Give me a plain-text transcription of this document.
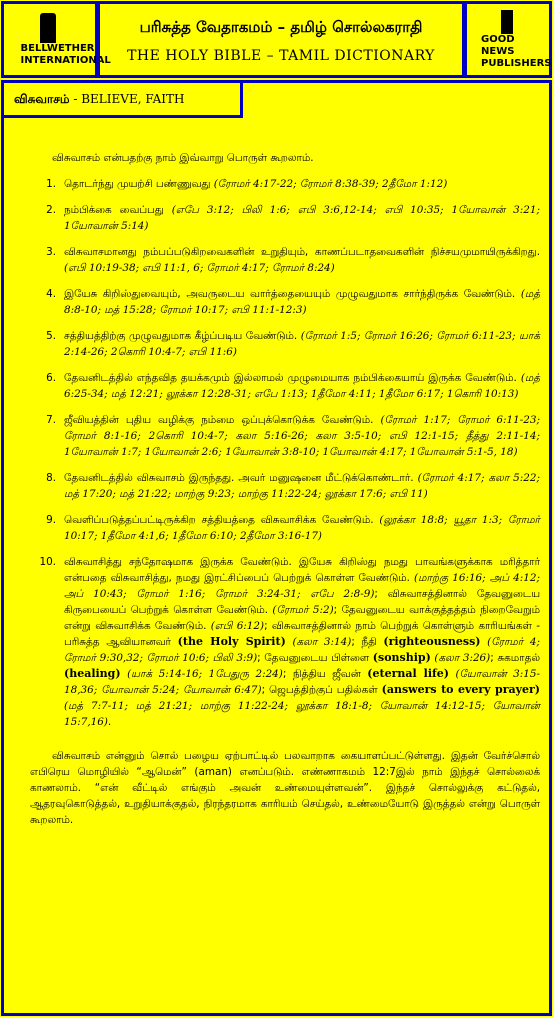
BELLWETHER INTERNATIONAL
பரிசுத்த வேதாகமம் – தமிழ் சொல்லகராதி
THE HOLY BIBLE – TAMIL DICTIONARY
GOOD NEWS PUBLISHERS
விசுவாசம் - BELIEVE, FAITH
விசுவாசம் என்பதற்கு நாம் இவ்வாறு பொருள் கூறலாம்.
1. தொடர்ந்து முயற்சி பண்ணுவது (ரோமர் 4:17-22; ரோமர் 8:38-39; 2தீமோ 1:12)
2. நம்பிக்கை வைப்பது (எபே 3:12; பிலி 1:6; எபி 3:6,12-14; எபி 10:35; 1யோவான் 3:21; 1யோவான் 5:14)
3. விசுவாசமானது நம்பப்படுகிறவைகளின் உறுதியும், காணப்படாதவைகளின் நிச்சயமுமாயிருக்கிறது. (எபி 10:19-38; எபி 11:1, 6; ரோமர் 4:17; ரோமர் 8:24)
4. இயேசு கிறிஸ்துவையும், அவருடைய வார்த்தையையும் முழுவதுமாக சார்ந்திருக்க வேண்டும். (மத் 8:8-10; மத் 15:28; ரோமர் 10:17; எபி 11:1-12:3)
5. சத்தியத்திற்கு முழுவதுமாக கீழ்ப்படிய வேண்டும். (ரோமர் 1:5; ரோமர் 16:26; ரோமர் 6:11-23; யாக் 2:14-26; 2கொரி 10:4-7; எபி 11:6)
6. தேவனிடத்தில் எந்தவித தயக்கமும் இல்லாமல் முழுமையாக நம்பிக்கையாய் இருக்க வேண்டும். (மத் 6:25-34; மத் 12:21; லூக்கா 12:28-31; எபே 1:13; 1தீமோ 4:11; 1தீமோ 6:17; 1கொரி 10:13)
7. ஜீவியத்தின் புதிய வழிக்கு நம்மை ஒப்புக்கொடுக்க வேண்டும். (ரோமர் 1:17; ரோமர் 6:11-23; ரோமர் 8:1-16; 2கொரி 10:4-7; கலா 5:16-26; கலா 3:5-10; எபி 12:1-15; தீத்து 2:11-14; 1யோவான் 1:7; 1யோவான் 2:6; 1யோவான் 3:8-10; 1யோவான் 4:17; 1யோவான் 5:1-5, 18)
8. தேவனிடத்தில் விசுவாசம் இருந்தது. அவர் மனுஷனை மீட்டுக்கொண்டார். (ரோமர் 4:17; கலா 5:22; மத் 17:20; மத் 21:22; மாற்கு 9:23; மாற்கு 11:22-24; லூக்கா 17:6; எபி 11)
9. வெளிப்படுத்தப்பட்டிருக்கிற சத்தியத்தை விசுவாசிக்க வேண்டும். (லூக்கா 18:8; யூதா 1:3; ரோமர் 10:17; 1தீமோ 4:1,6; 1தீமோ 6:10; 2தீமோ 3:16-17)
10. விசுவாசித்து சந்தோஷமாக இருக்க வேண்டும். இயேசு கிறிஸ்து நமது பாவங்களுக்காக மரித்தார் என்பதை விசுவாசித்து, நமது இரட்சிப்பைப் பெற்றுக் கொள்ள வேண்டும். (மாற்கு 16:16; அப் 4:12; அப் 10:43; ரோமர் 1:16; ரோமர் 3:24-31; எபே 2:8-9); விசுவாசத்தினால் தேவனுடைய கிருபையைப் பெற்றுக் கொள்ள வேண்டும். (ரோமர் 5:2); தேவனுடைய வாக்குத்தத்தம் நிறைவேறும் என்று விசுவாசிக்க வேண்டும். (எபி 6:12); விசுவாசத்தினால் நாம் பெற்றுக் கொள்ளும் காரியங்கள் - பரிசுத்த ஆவியானவர் (the Holy Spirit) (கலா 3:14); நீதி (righteousness) (ரோமர் 4; ரோமர் 9:30,32; ரோமர் 10:6; பிலி 3:9); தேவனுடைய பிள்ளை (sonship) (கலா 3:26); சுகமாதல் (healing) (யாக் 5:14-16; 1பேதுரு 2:24); நித்திய ஜீவன் (eternal life) (யோவான் 3:15-18,36; யோவான் 5:24; யோவான் 6:47); ஜெபத்திற்குப் பதில்கள் (answers to every prayer) (மத் 7:7-11; மத் 21:21; மாற்கு 11:22-24; லூக்கா 18:1-8; யோவான் 14:12-15; யோவான் 15:7,16).
விசுவாசம் என்னும் சொல் பழைய ஏற்பாட்டில் பலவாறாக கையாளப்பட்டுள்ளது. இதன் வேர்ச்சொல் எபிரெய மொழியில் “ஆமென்” (aman) எனப்படும். எண்ணாகமம் 12:7இல் நாம் இந்தச் சொல்லைக் காணலாம். “என் வீட்டில் எங்கும் அவன் உண்மையுள்ளவன்”. இந்தச் சொல்லுக்கு கட்டுதல், ஆதரவுகொடுத்தல், உறுதியாக்குதல், நிரந்தரமாக காரியம் செய்தல், உண்மையோடு இருத்தல் என்று பொருள் கூறலாம்.
